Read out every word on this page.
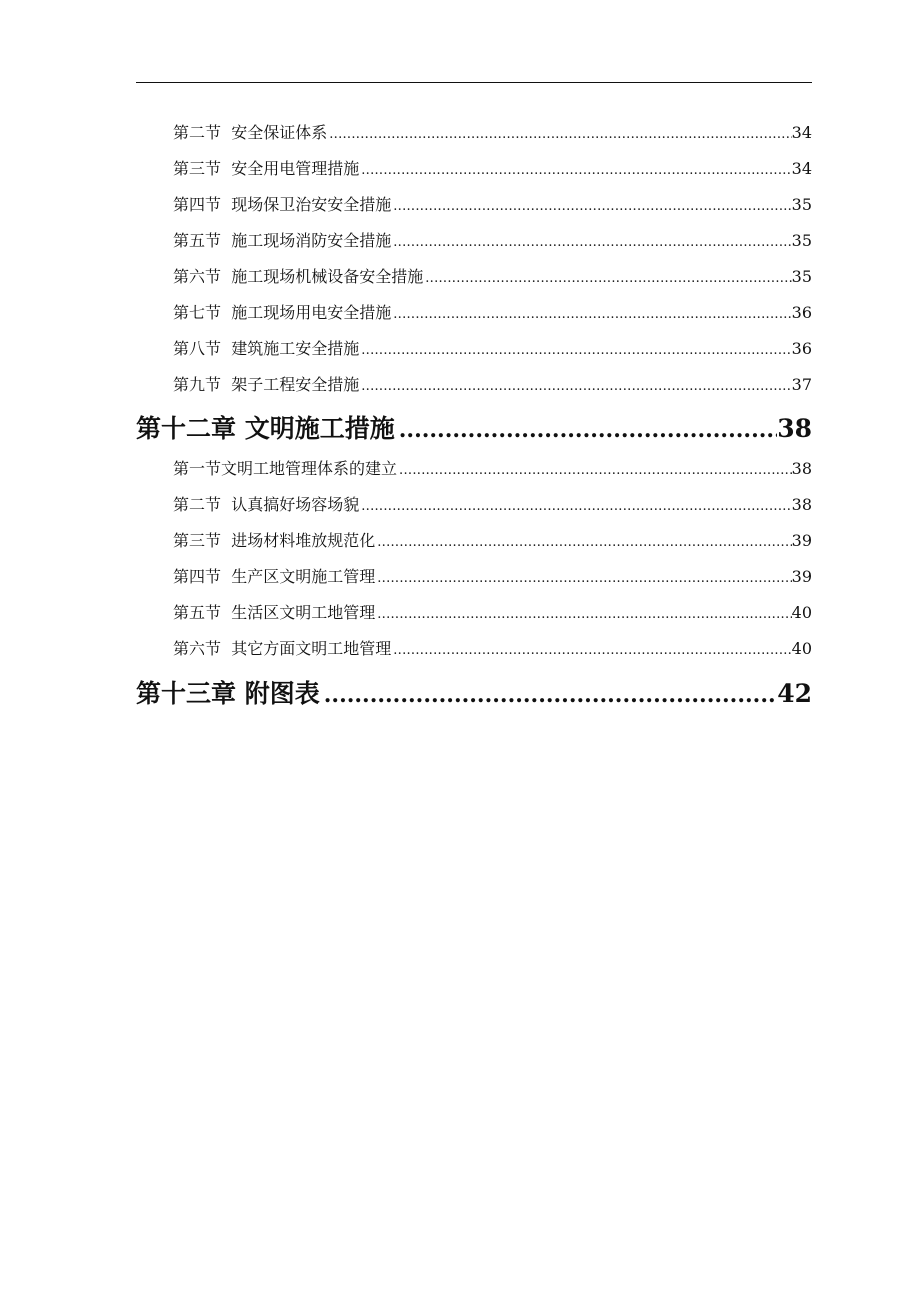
第二节 安全保证体系 .....	34
第三节 安全用电管理措施 .....	34
第四节 现场保卫治安安全措施 .....	35
第五节 施工现场消防安全措施 .....	35
第六节 施工现场机械设备安全措施 .....	35
第七节 施工现场用电安全措施 .....	36
第八节 建筑施工安全措施 .....	36
第九节 架子工程安全措施 .....	37
第十二章 文明施工措施 .....	38
第一节文明工地管理体系的建立 .....	38
第二节 认真搞好场容场貌 .....	38
第三节 进场材料堆放规范化 .....	39
第四节 生产区文明施工管理 .....	39
第五节 生活区文明工地管理 .....	40
第六节 其它方面文明工地管理 .....	40
第十三章 附图表 .....	42
